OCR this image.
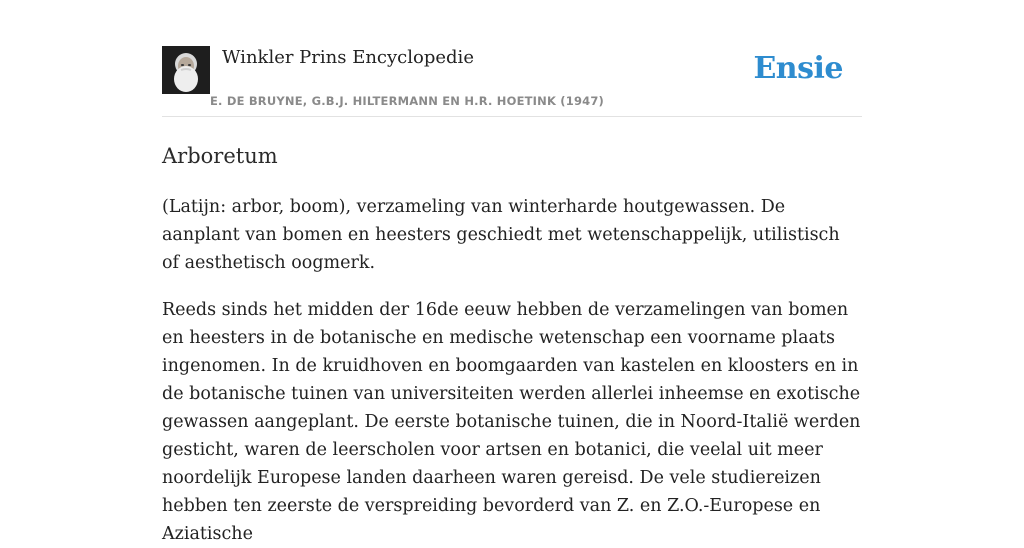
Winkler Prins Encyclopedie
E. DE BRUYNE, G.B.J. HILTERMANN EN H.R. HOETINK (1947)
Ensie
Arboretum

(Latijn: arbor, boom), verzameling van winterharde houtgewassen. De aanplant van bomen en heesters geschiedt met wetenschappelijk, utilistisch of aesthetisch oogmerk.

Reeds sinds het midden der 16de eeuw hebben de verzamelingen van bomen en heesters in de botanische en medische wetenschap een voorname plaats ingenomen. In de kruidhoven en boomgaarden van kastelen en kloosters en in de botanische tuinen van universiteiten werden allerlei inheemse en exotische gewassen aangeplant. De eerste botanische tuinen, die in Noord-Italië werden gesticht, waren de leerscholen voor artsen en botanici, die veelal uit meer noordelijk Europese landen daarheen waren gereisd. De vele studiereizen hebben ten zeerste de verspreiding bevorderd van Z. en Z.O.-Europese en Aziatische
